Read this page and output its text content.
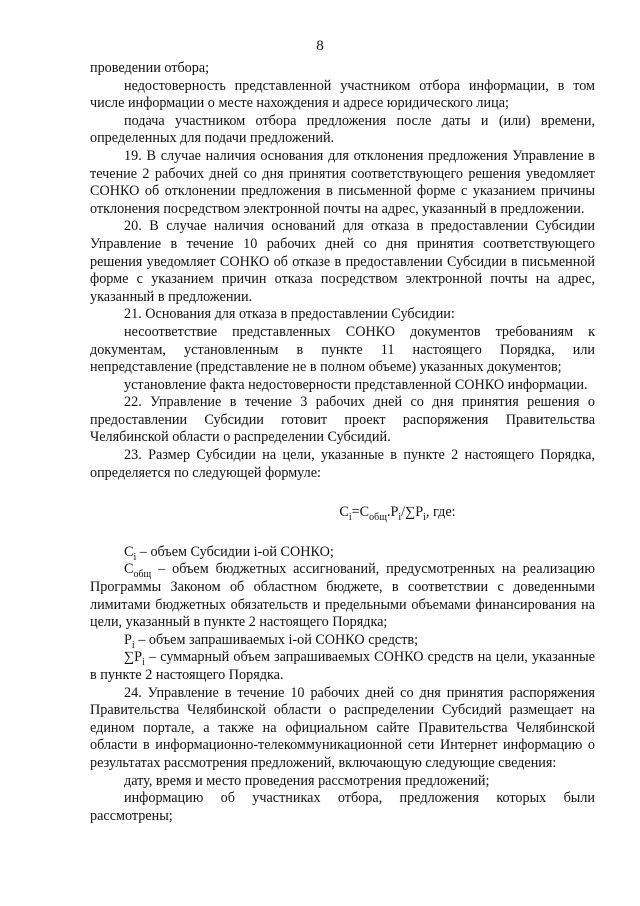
8

проведении отбора;

недостоверность представленной участником отбора информации, в том числе информации о месте нахождения и адресе юридического лица;

подача участником отбора предложения после даты и (или) времени, определенных для подачи предложений.

19. В случае наличия основания для отклонения предложения Управление в течение 2 рабочих дней со дня принятия соответствующего решения уведомляет СОНКО об отклонении предложения в письменной форме с указанием причины отклонения посредством электронной почты на адрес, указанный в предложении.

20. В случае наличия оснований для отказа в предоставлении Субсидии Управление в течение 10 рабочих дней со дня принятия соответствующего решения уведомляет СОНКО об отказе в предоставлении Субсидии в письменной форме с указанием причин отказа посредством электронной почты на адрес, указанный в предложении.

21. Основания для отказа в предоставлении Субсидии:

несоответствие представленных СОНКО документов требованиям к документам, установленным в пункте 11 настоящего Порядка, или непредставление (представление не в полном объеме) указанных документов;

установление факта недостоверности представленной СОНКО информации.

22. Управление в течение 3 рабочих дней со дня принятия решения о предоставлении Субсидии готовит проект распоряжения Правительства Челябинской области о распределении Субсидий.

23. Размер Субсидии на цели, указанные в пункте 2 настоящего Порядка, определяется по следующей формуле:

$C_i=C_{общ}.P_i/\sum P_i$, где:

$C_i$ – объем Субсидии i-ой СОНКО;

$C_{общ}$ – объем бюджетных ассигнований, предусмотренных на реализацию Программы Законом об областном бюджете, в соответствии с доведенными лимитами бюджетных обязательств и предельными объемами финансирования на цели, указанный в пункте 2 настоящего Порядка;

$P_i$ – объем запрашиваемых i-ой СОНКО средств;

$\sum P_i$ – суммарный объем запрашиваемых СОНКО средств на цели, указанные в пункте 2 настоящего Порядка.

24. Управление в течение 10 рабочих дней со дня принятия распоряжения Правительства Челябинской области о распределении Субсидий размещает на едином портале, а также на официальном сайте Правительства Челябинской области в информационно-телекоммуникационной сети Интернет информацию о результатах рассмотрения предложений, включающую следующие сведения:

дату, время и место проведения рассмотрения предложений;

информацию об участниках отбора, предложения которых были рассмотрены;
